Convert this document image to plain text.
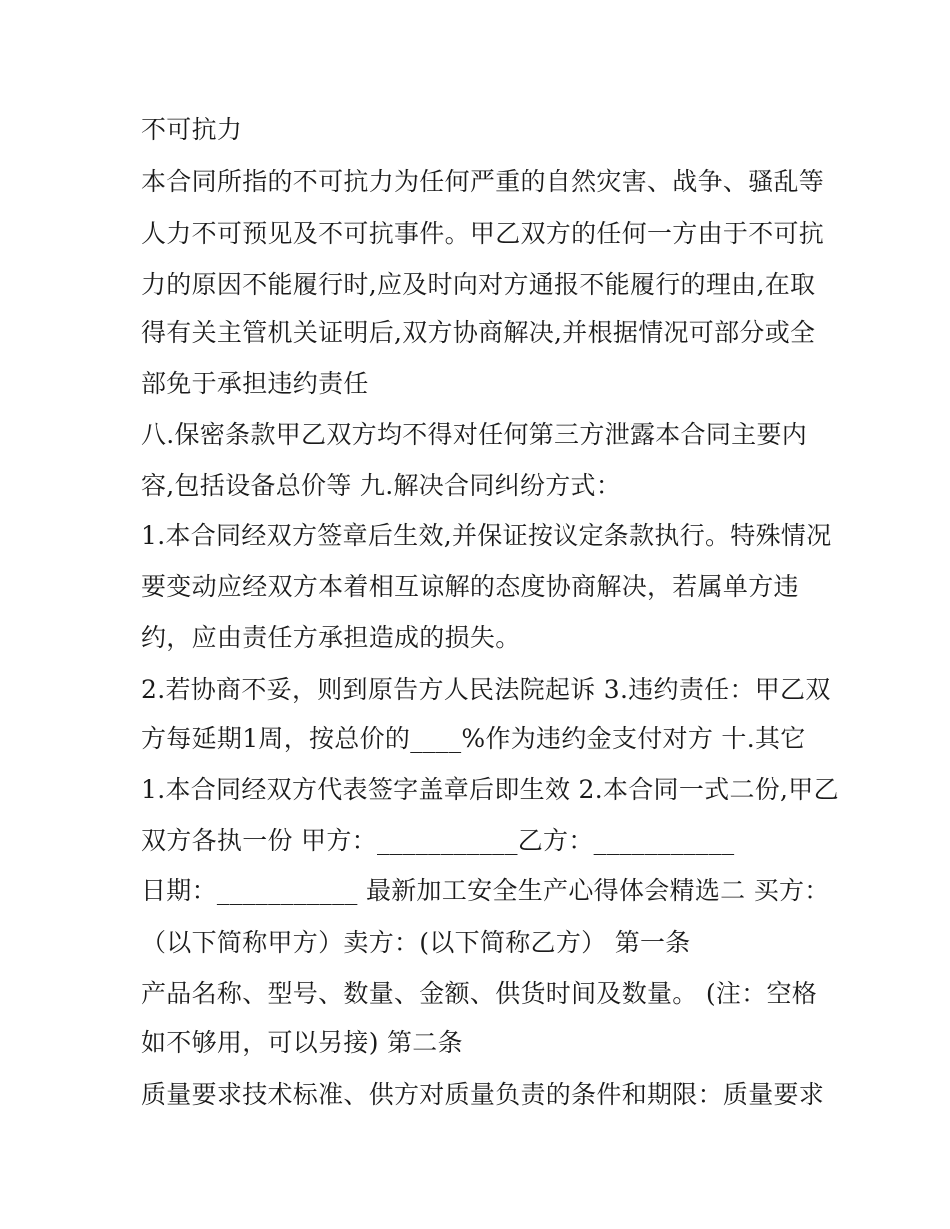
不可抗力
本合同所指的不可抗力为任何严重的自然灾害、战争、骚乱等
人力不可预见及不可抗事件。甲乙双方的任何一方由于不可抗
力的原因不能履行时,应及时向对方通报不能履行的理由,在取
得有关主管机关证明后,双方协商解决,并根据情况可部分或全
部免于承担违约责任
八.保密条款甲乙双方均不得对任何第三方泄露本合同主要内
容,包括设备总价等 九.解决合同纠纷方式：
1.本合同经双方签章后生效,并保证按议定条款执行。特殊情况
要变动应经双方本着相互谅解的态度协商解决，若属单方违
约，应由责任方承担造成的损失。
2.若协商不妥，则到原告方人民法院起诉 3.违约责任：甲乙双
方每延期1周，按总价的____%作为违约金支付对方 十.其它
1.本合同经双方代表签字盖章后即生效 2.本合同一式二份,甲乙
双方各执一份 甲方：___________乙方：___________
日期：___________ 最新加工安全生产心得体会精选二 买方：
（以下简称甲方）卖方：(以下简称乙方） 第一条
产品名称、型号、数量、金额、供货时间及数量。 (注：空格
如不够用，可以另接) 第二条
质量要求技术标准、供方对质量负责的条件和期限：质量要求
